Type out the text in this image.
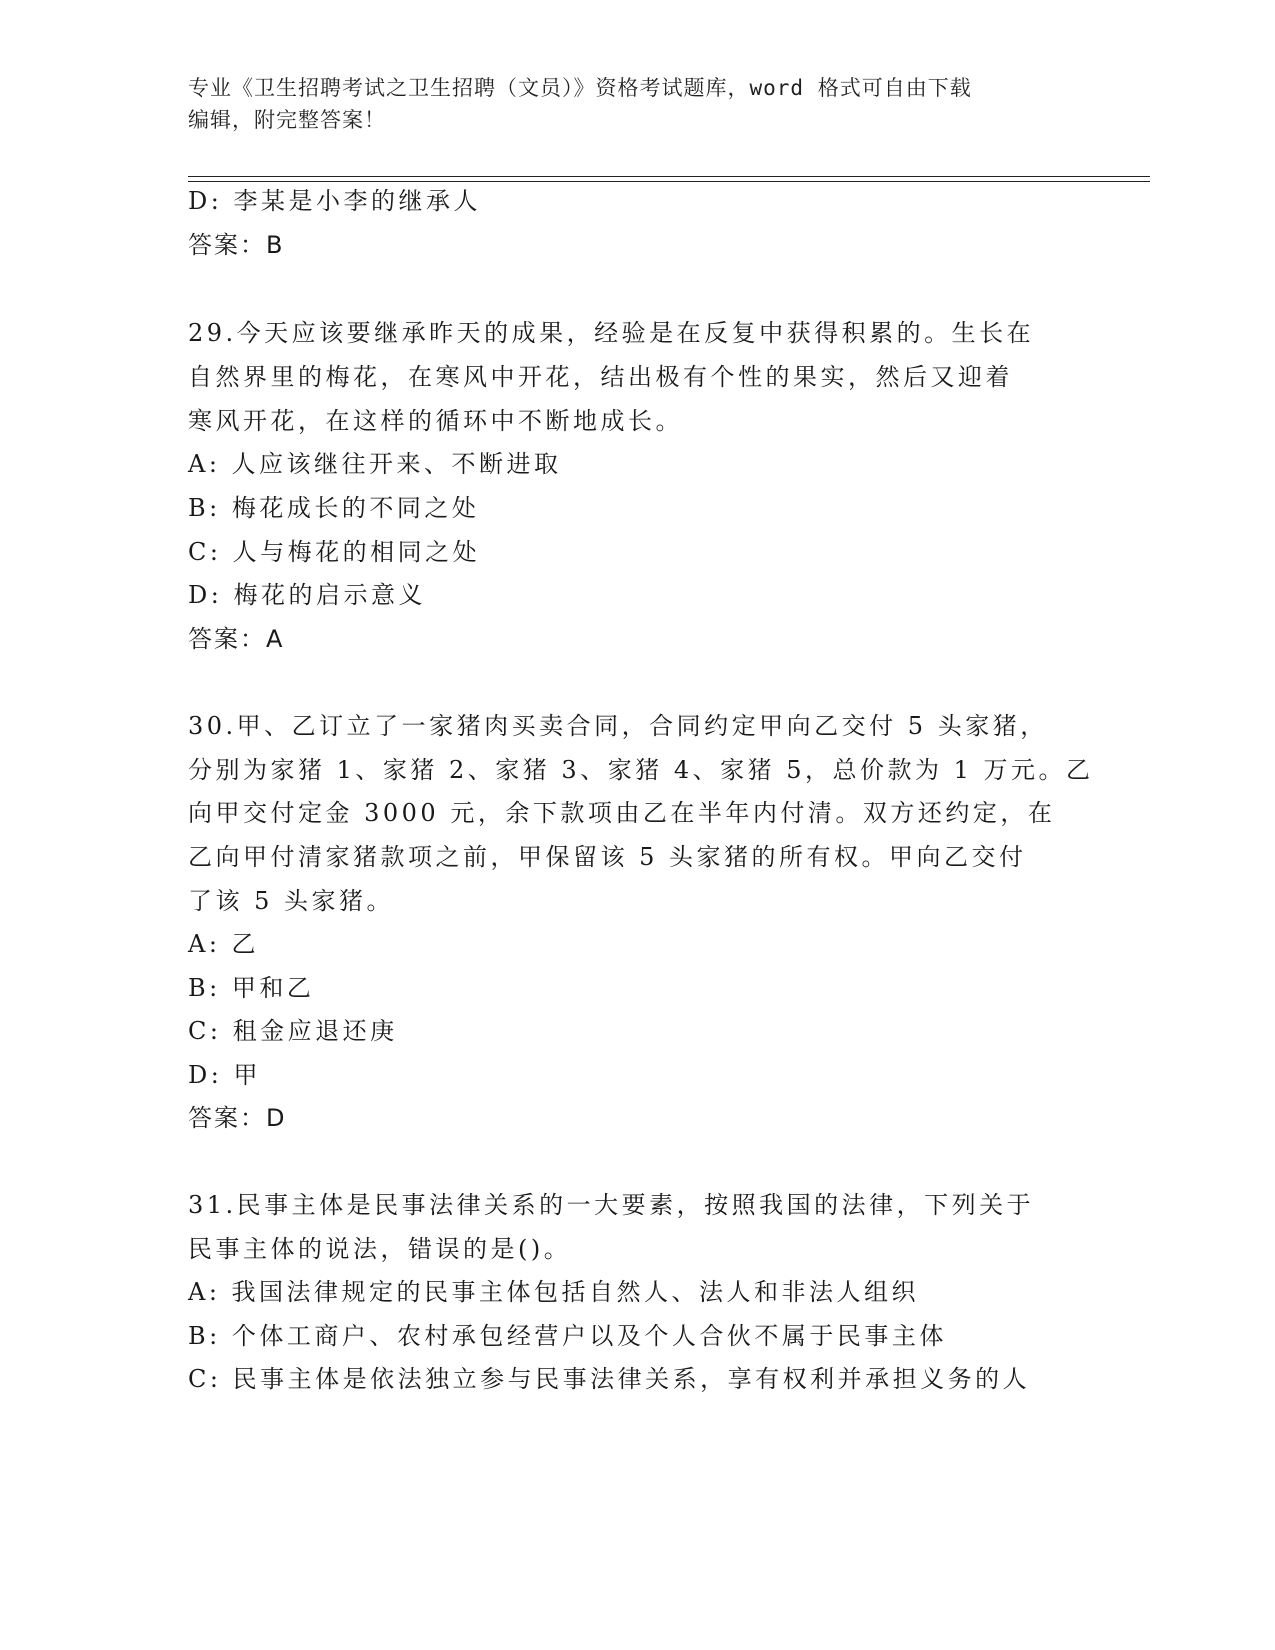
专业《卫生招聘考试之卫生招聘（文员）》资格考试题库，word 格式可自由下载
编辑，附完整答案！
D: 李某是小李的继承人
答案：B
29.今天应该要继承昨天的成果，经验是在反复中获得积累的。生长在
自然界里的梅花，在寒风中开花，结出极有个性的果实，然后又迎着
寒风开花，在这样的循环中不断地成长。
A: 人应该继往开来、不断进取
B: 梅花成长的不同之处
C: 人与梅花的相同之处
D: 梅花的启示意义
答案：A
30.甲、乙订立了一家猪肉买卖合同，合同约定甲向乙交付 5 头家猪，
分别为家猪 1、家猪 2、家猪 3、家猪 4、家猪 5，总价款为 1 万元。乙
向甲交付定金 3000 元，余下款项由乙在半年内付清。双方还约定，在
乙向甲付清家猪款项之前，甲保留该 5 头家猪的所有权。甲向乙交付
了该 5 头家猪。
A: 乙
B: 甲和乙
C: 租金应退还庚
D: 甲
答案：D
31.民事主体是民事法律关系的一大要素，按照我国的法律，下列关于
民事主体的说法，错误的是()。
A: 我国法律规定的民事主体包括自然人、法人和非法人组织
B: 个体工商户、农村承包经营户以及个人合伙不属于民事主体
C: 民事主体是依法独立参与民事法律关系，享有权利并承担义务的人
